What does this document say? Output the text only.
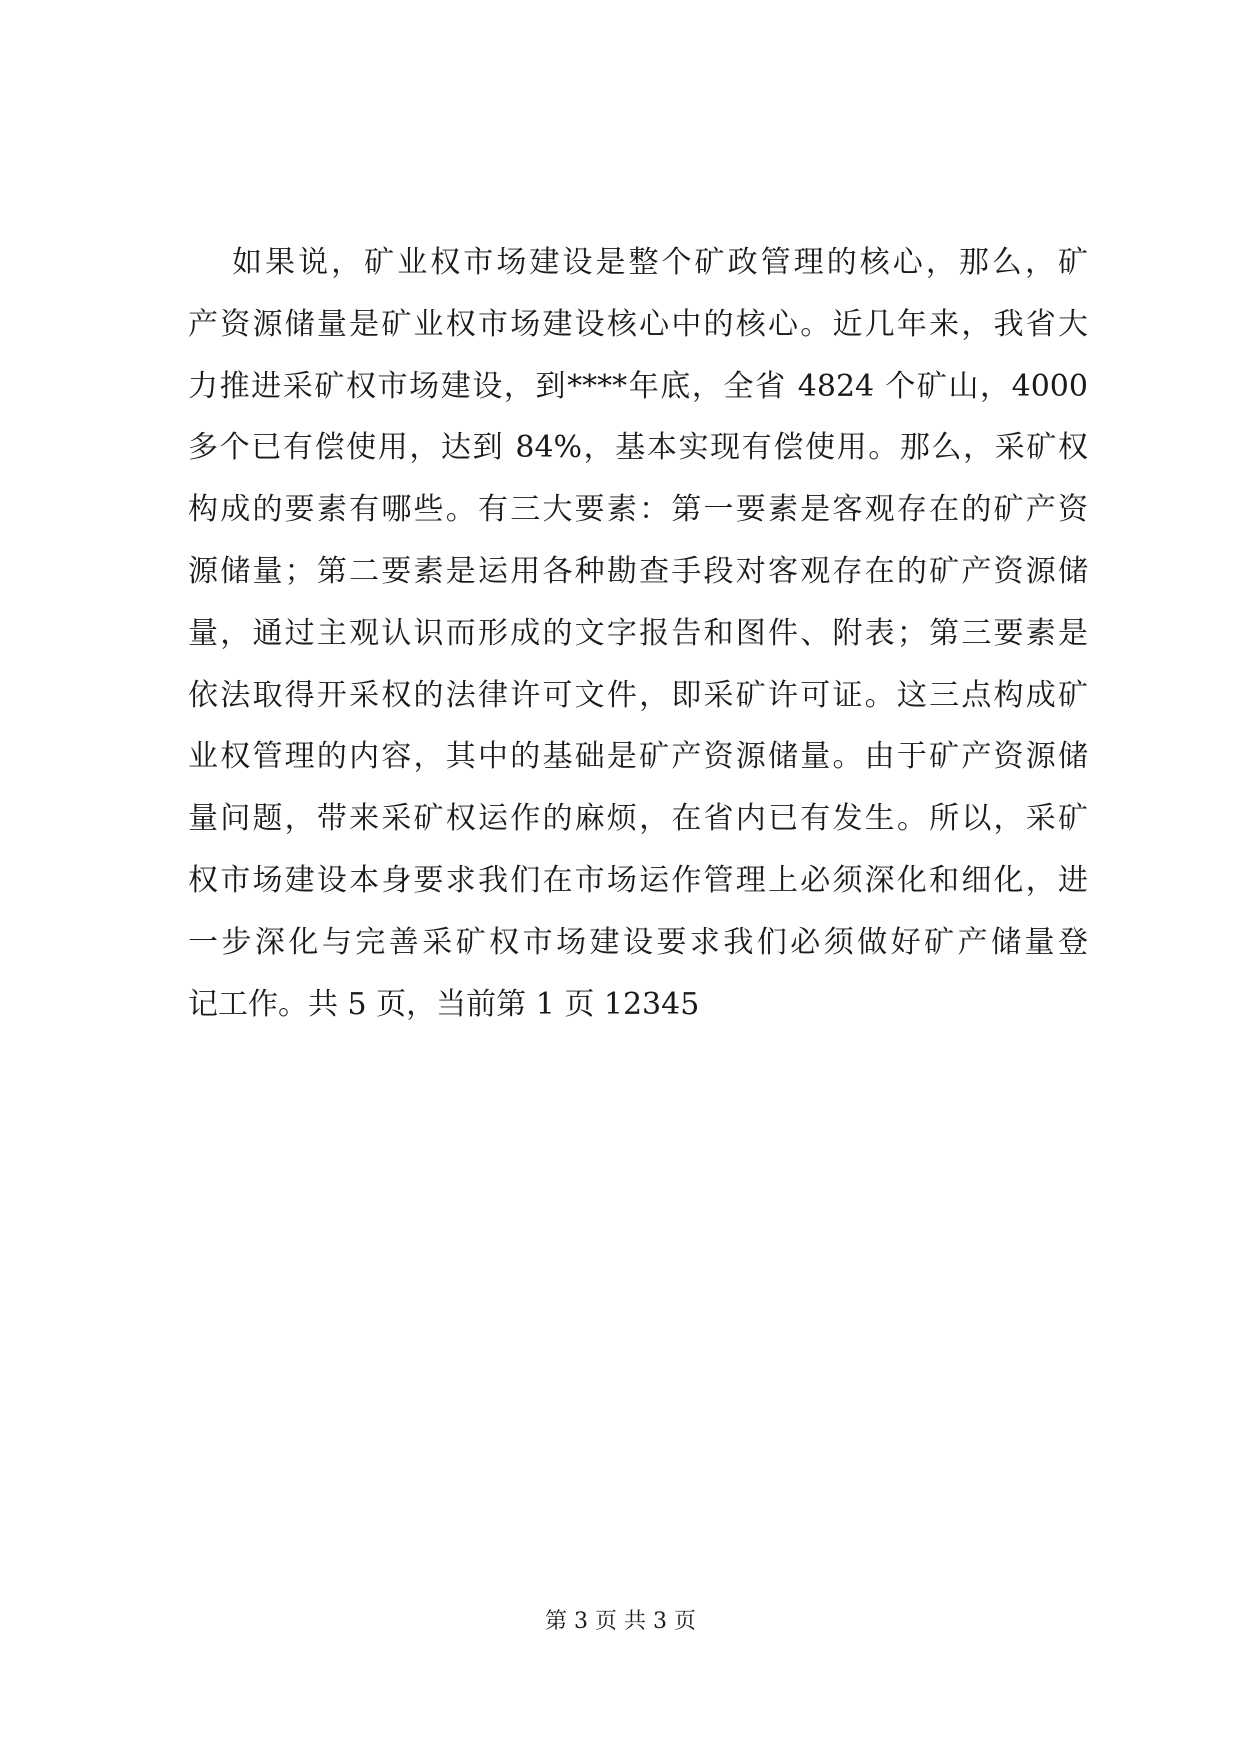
如果说，矿业权市场建设是整个矿政管理的核心，那么，矿
产资源储量是矿业权市场建设核心中的核心。近几年来，我省大
力推进采矿权市场建设，到****年底，全省 4824 个矿山，4000
多个已有偿使用，达到 84%，基本实现有偿使用。那么，采矿权
构成的要素有哪些。有三大要素：第一要素是客观存在的矿产资
源储量；第二要素是运用各种勘查手段对客观存在的矿产资源储
量，通过主观认识而形成的文字报告和图件、附表；第三要素是
依法取得开采权的法律许可文件，即采矿许可证。这三点构成矿
业权管理的内容，其中的基础是矿产资源储量。由于矿产资源储
量问题，带来采矿权运作的麻烦，在省内已有发生。所以，采矿
权市场建设本身要求我们在市场运作管理上必须深化和细化，进
一步深化与完善采矿权市场建设要求我们必须做好矿产储量登
记工作。共 5 页，当前第 1 页 12345
第 3 页 共 3 页
